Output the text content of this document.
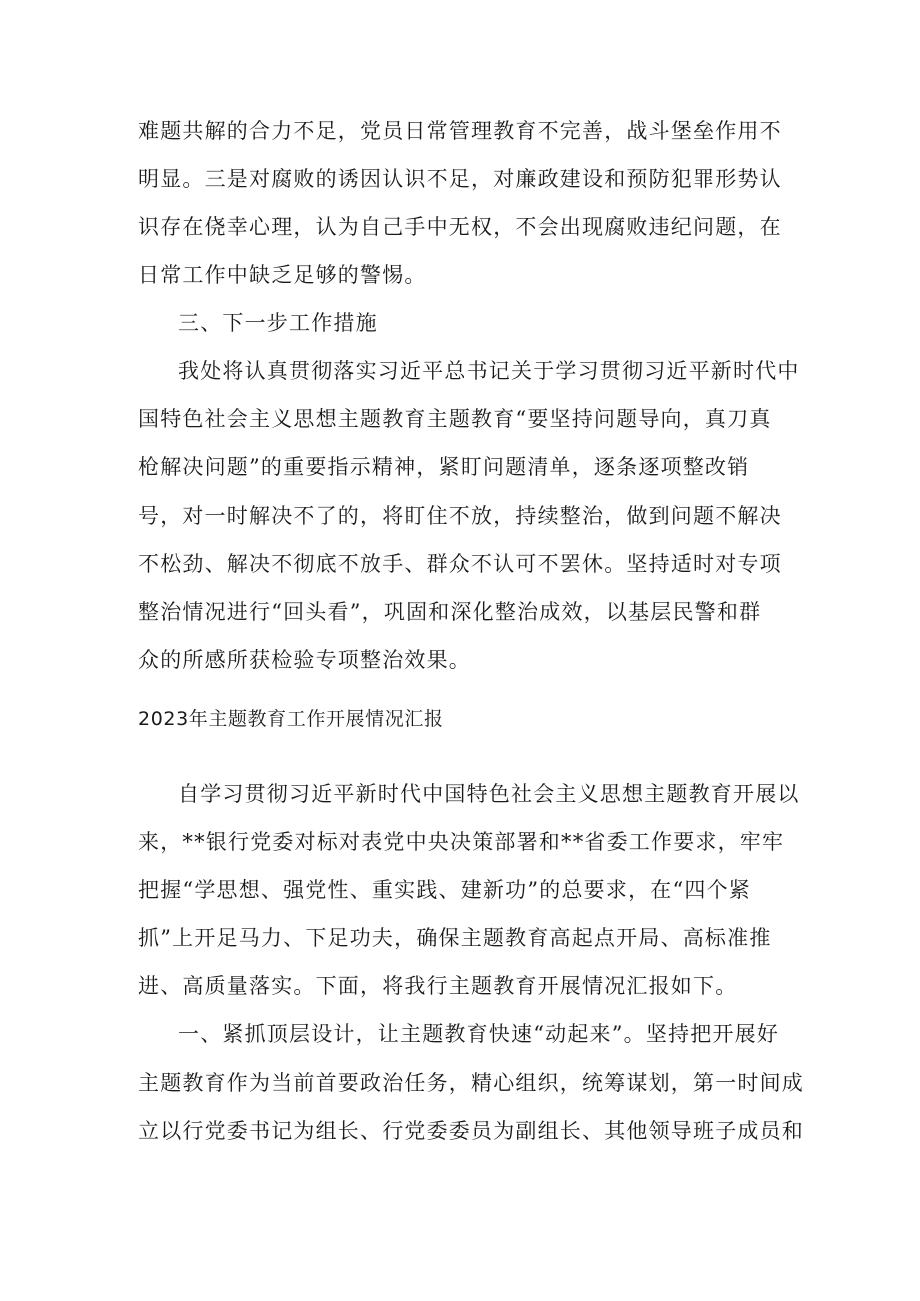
难题共解的合力不足，党员日常管理教育不完善，战斗堡垒作用不
明显。三是对腐败的诱因认识不足，对廉政建设和预防犯罪形势认
识存在侥幸心理，认为自己手中无权，不会出现腐败违纪问题，在
日常工作中缺乏足够的警惕。
三、下一步工作措施
我处将认真贯彻落实习近平总书记关于学习贯彻习近平新时代中
国特色社会主义思想主题教育主题教育“要坚持问题导向，真刀真
枪解决问题”的重要指示精神，紧盯问题清单，逐条逐项整改销
号，对一时解决不了的，将盯住不放，持续整治，做到问题不解决
不松劲、解决不彻底不放手、群众不认可不罢休。坚持适时对专项
整治情况进行“回头看”，巩固和深化整治成效，以基层民警和群
众的所感所获检验专项整治效果。
2023年主题教育工作开展情况汇报
自学习贯彻习近平新时代中国特色社会主义思想主题教育开展以
来，**银行党委对标对表党中央决策部署和**省委工作要求，牢牢
把握“学思想、强党性、重实践、建新功”的总要求，在“四个紧
抓”上开足马力、下足功夫，确保主题教育高起点开局、高标准推
进、高质量落实。下面，将我行主题教育开展情况汇报如下。
一、紧抓顶层设计，让主题教育快速“动起来”。坚持把开展好
主题教育作为当前首要政治任务，精心组织，统筹谋划，第一时间成
立以行党委书记为组长、行党委委员为副组长、其他领导班子成员和
